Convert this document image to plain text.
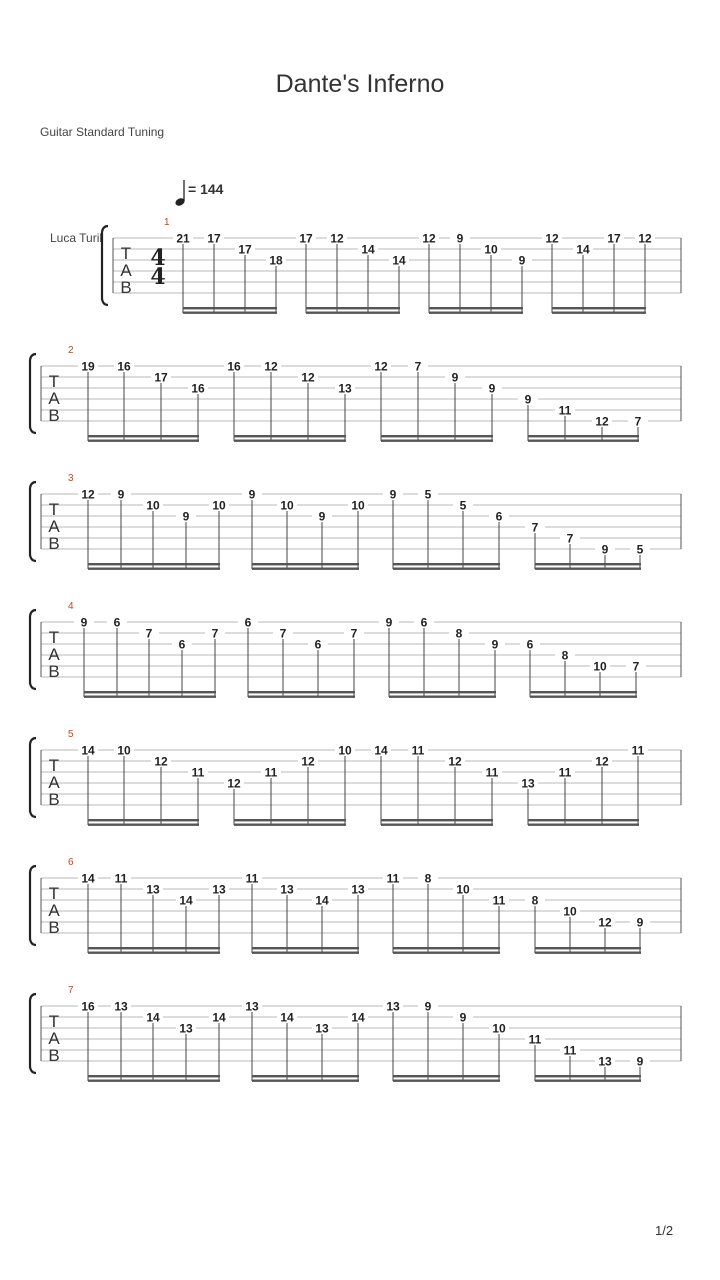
Dante's Inferno
Guitar Standard Tuning
= 144
Luca Turil
1/2
T
A
B
4
4
1
21 17
17
18
17 12
14
14
12 9
10
9
12
14
17 12
T
A
B
2
19 16
17
16
16 12
12
13
12 7
9
9
9
11
12 7
T
A
B
3
12 9
10
9
10
9
10
9
10
9 5
5
6
7
7
9 5
T
A
B
4
9 6
7
6
7
6
7
6
7
9 6
8
9 6
8
10 7
T
A
B
5
14 10
12
11
12
11
12
10 14 11
12
11
13
11
12
11
T
A
B
6
14 11
13
14
13
11
13
14
13
11 8
10
11 8
10
12 9
T
A
B
7
16 13
14
13
14
13
14
13
14
13 9
9
10
11
11
13 9
